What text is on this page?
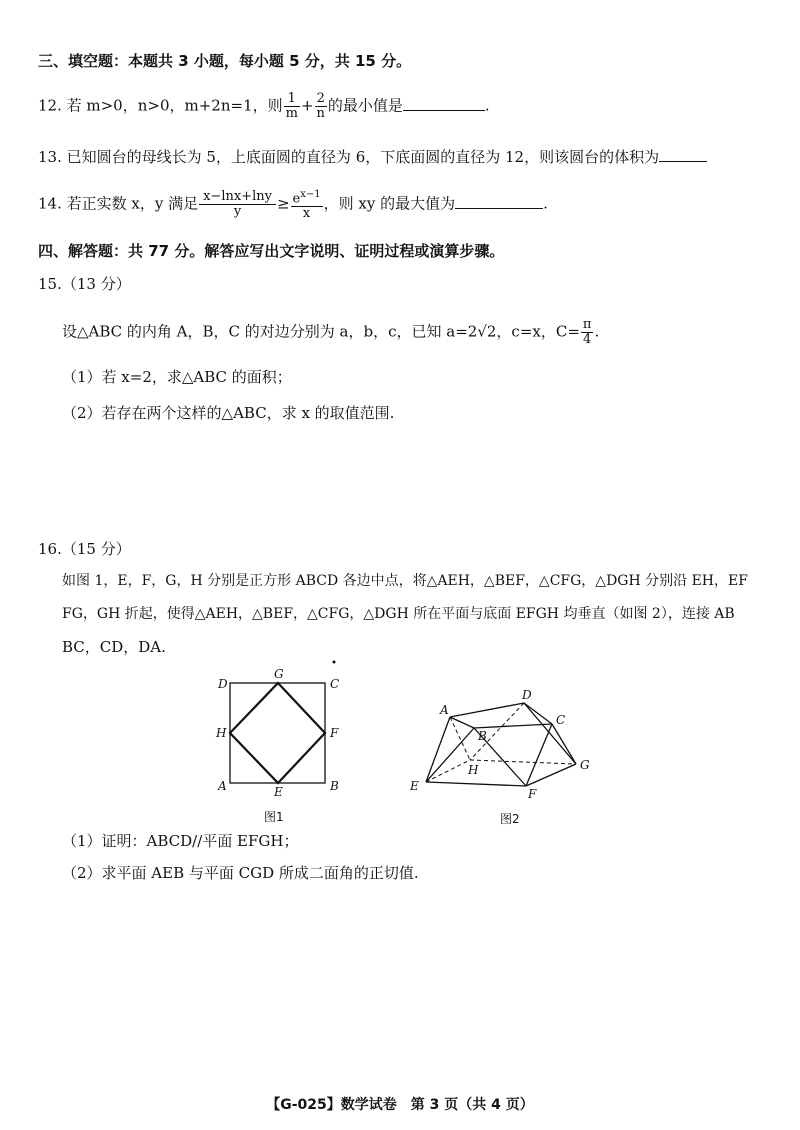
三、填空题：本题共 3 小题，每小题 5 分，共 15 分。
12. 若 m>0，n>0，m+2n=1，则 $\frac{1}{m} + \frac{2}{n}$ 的最小值是	.
13. 已知圆台的母线长为 5，上底面圆的直径为 6，下底面圆的直径为 12，则该圆台的体积为
14. 若正实数 x，y 满足 $\frac{x-\ln x+\ln y}{y} \ge \frac{e^{x-1}}{x}$ ，则 xy 的最大值为	.
四、解答题：共 77 分。解答应写出文字说明、证明过程或演算步骤。
15.（13 分）
设△ABC 的内角 A，B，C 的对边分别为 a，b，c，已知 a=2√2，c=x，$C= \frac{\pi}{4}$ .
（1）若 x=2，求△ABC 的面积；
（2）若存在两个这样的△ABC，求 x 的取值范围.
16.（15 分）
如图 1，E，F，G，H 分别是正方形 ABCD 各边中点，将△AEH，△BEF，△CFG，△DGH 分别沿 EH，EF
FG，GH 折起，使得△AEH，△BEF，△CFG，△DGH 所在平面与底面 EFGH 均垂直（如图 2），连接 AB
BC，CD，DA.
D
G
C
H	F
A	E	B
图1
A
B
C
D
E
F
G
H
图2
（1）证明：ABCD//平面 EFGH；
（2）求平面 AEB 与平面 CGD 所成二面角的正切值.
【G-025】数学试卷　第 3 页（共 4 页）
